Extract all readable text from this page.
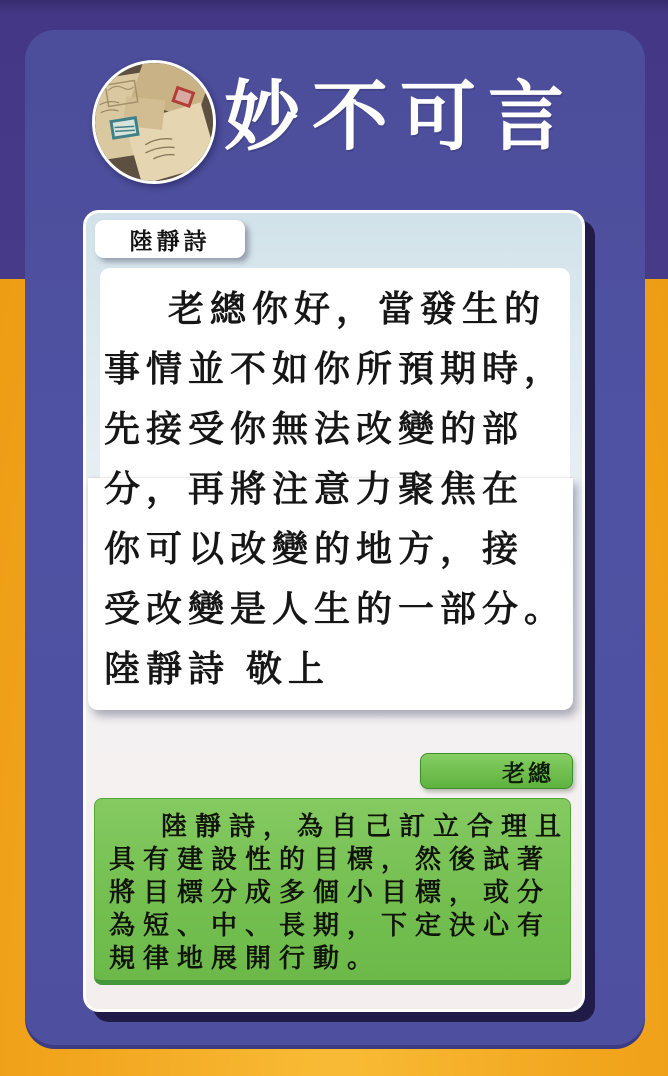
妙不可言
陸靜詩
老總你好，當發生的
事情並不如你所預期時，
先接受你無法改變的部
分，再將注意力聚焦在
你可以改變的地方，接
受改變是人生的一部分。
陸靜詩 敬上
老總
陸靜詩，為自己訂立合理且
具有建設性的目標，然後試著
將目標分成多個小目標，或分
為短、中、長期，下定決心有
規律地展開行動。
